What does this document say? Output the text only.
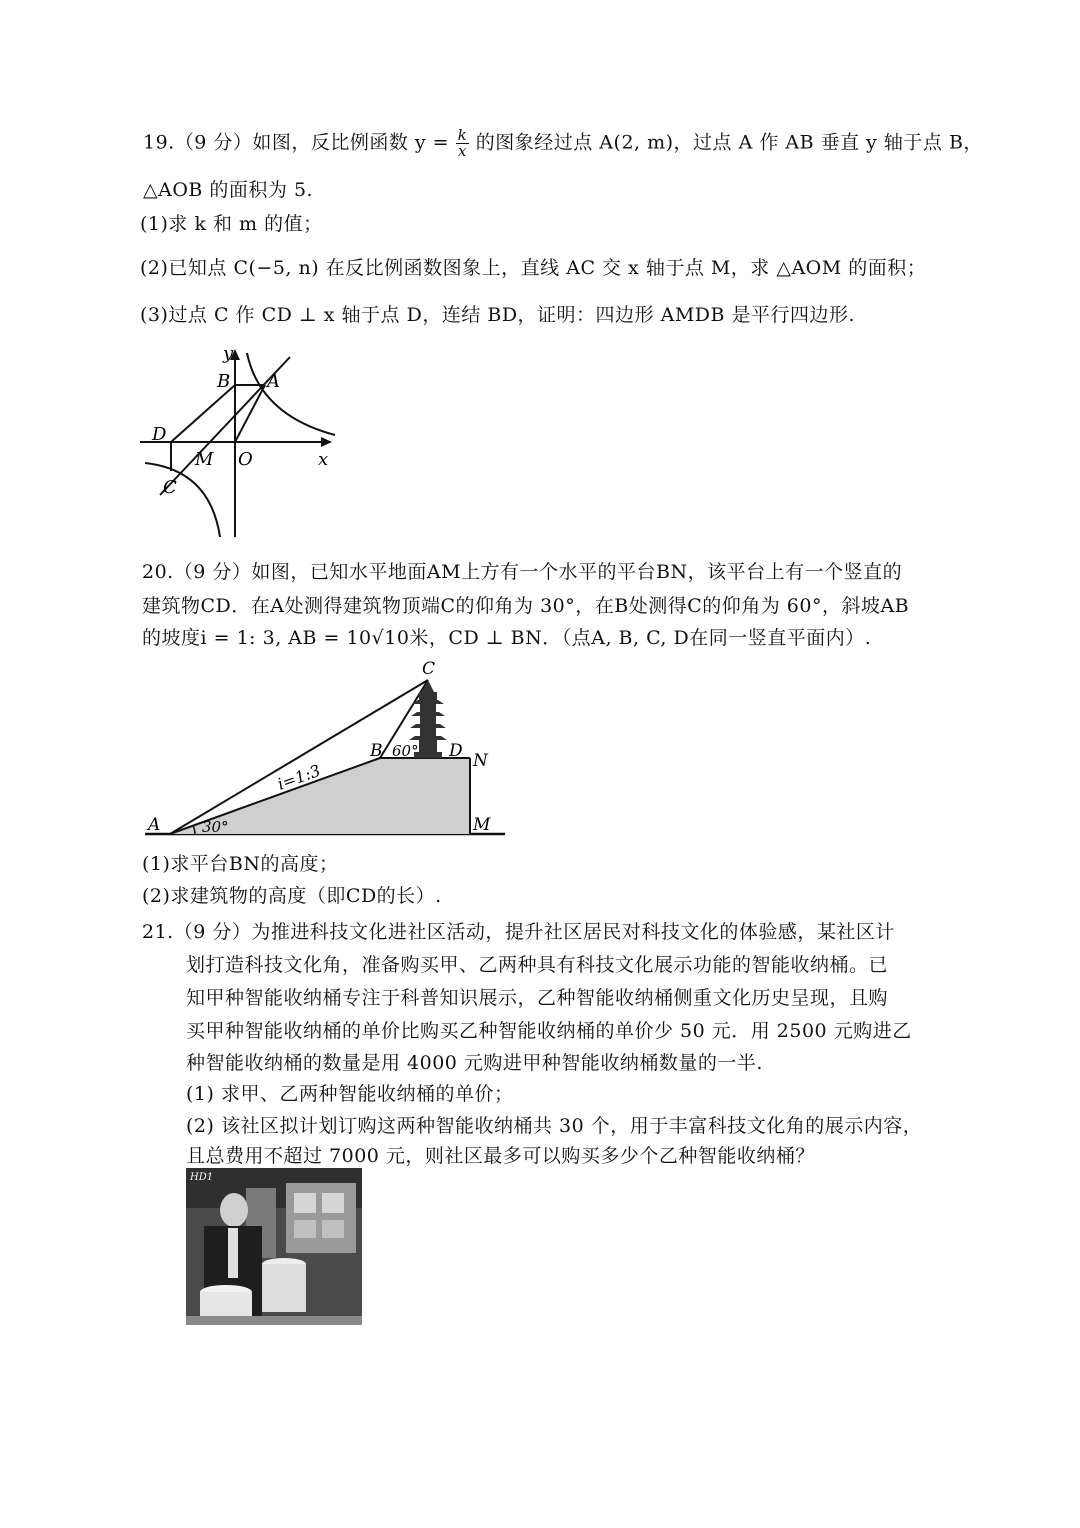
19.（9 分）如图，反比例函数 $y = \frac{k}{x}$ 的图象经过点 A(2, m)，过点 A 作 AB 垂直 y 轴于点 B，
△AOB 的面积为 5.
(1)求 k 和 m 的值；
(2)已知点 C(−5, n) 在反比例函数图象上，直线 AC 交 x 轴于点 M，求 △AOM 的面积；
(3)过点 C 作 CD ⊥ x 轴于点 D，连结 BD，证明：四边形 AMDB 是平行四边形.
y
x
B A
D
M O
C
20.（9 分）如图，已知水平地面AM上方有一个水平的平台BN，该平台上有一个竖直的
建筑物CD．在A处测得建筑物顶端C的仰角为 30°，在B处测得C的仰角为 60°，斜坡AB
的坡度i = 1: 3, AB = 10√10米，CD ⊥ BN．（点A, B, C, D在同一竖直平面内）.
C
B 60° D N
i=1:3
A	30°	M
(1)求平台BN的高度；
(2)求建筑物的高度（即CD的长）.
21.（9 分）为推进科技文化进社区活动，提升社区居民对科技文化的体验感，某社区计
划打造科技文化角，准备购买甲、乙两种具有科技文化展示功能的智能收纳桶。已
知甲种智能收纳桶专注于科普知识展示，乙种智能收纳桶侧重文化历史呈现，且购
买甲种智能收纳桶的单价比购买乙种智能收纳桶的单价少 50 元．用 2500 元购进乙
种智能收纳桶的数量是用 4000 元购进甲种智能收纳桶数量的一半.
(1) 求甲、乙两种智能收纳桶的单价；
(2) 该社区拟计划订购这两种智能收纳桶共 30 个，用于丰富科技文化角的展示内容，
且总费用不超过 7000 元，则社区最多可以购买多少个乙种智能收纳桶？
HD1
